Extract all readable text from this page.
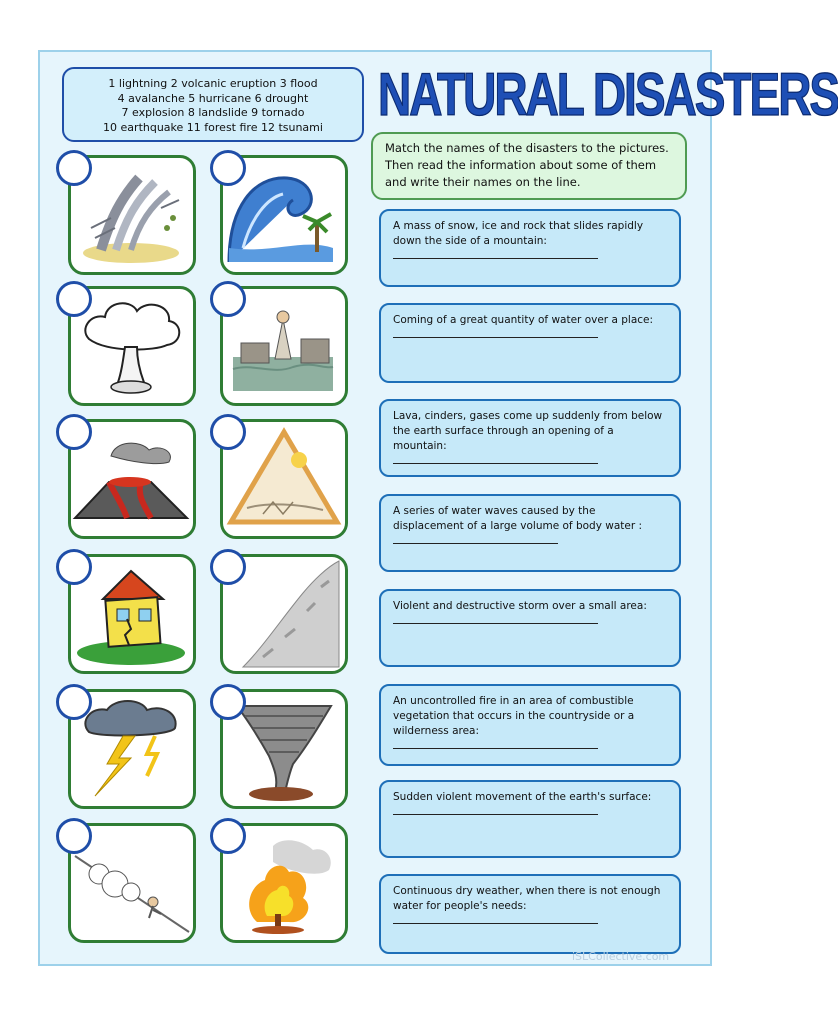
1 lightning 2 volcanic eruption 3 flood
4 avalanche 5 hurricane 6 drought
7 explosion 8 landslide 9 tornado
10 earthquake 11 forest fire 12 tsunami	NATURAL DISASTERS
Match the names of the disasters to the pictures. Then read the information about some of them and write their names on the line.
A mass of snow, ice and rock that slides rapidly down the side of a mountain:
Coming of a great quantity of water over a place:
Lava, cinders, gases come up suddenly from below the earth surface through an opening of a mountain:
A series of water waves caused by the displacement of a large volume of body water :
Violent and destructive storm over a small area:
An uncontrolled fire in an area of combustible vegetation that occurs in the countryside or a wilderness area:
Sudden violent movement of the earth's surface:
Continuous dry weather, when there is not enough water for people's needs:
iSLCollective.com
